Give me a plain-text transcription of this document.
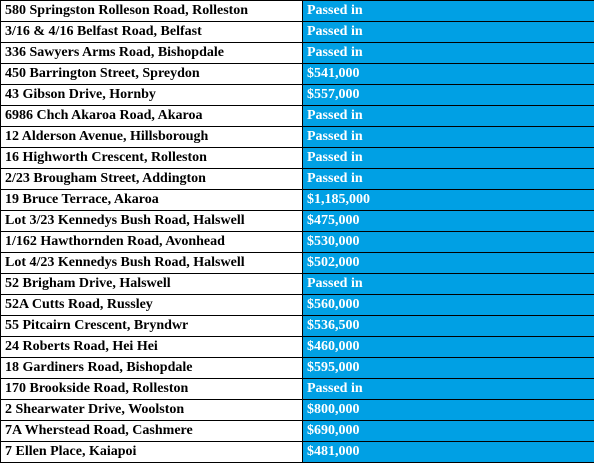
580 Springston Rolleson Road, Rolleston	Passed in
3/16 & 4/16 Belfast Road, Belfast	Passed in
336 Sawyers Arms Road, Bishopdale	Passed in
450 Barrington Street, Spreydon	$541,000
43 Gibson Drive, Hornby	$557,000
6986 Chch Akaroa Road, Akaroa	Passed in
12 Alderson Avenue, Hillsborough	Passed in
16 Highworth Crescent, Rolleston	Passed in
2/23 Brougham Street, Addington	Passed in
19 Bruce Terrace, Akaroa	$1,185,000
Lot 3/23 Kennedys Bush Road, Halswell	$475,000
1/162 Hawthornden Road, Avonhead	$530,000
Lot 4/23 Kennedys Bush Road, Halswell	$502,000
52 Brigham Drive, Halswell	Passed in
52A Cutts Road, Russley	$560,000
55 Pitcairn Crescent, Bryndwr	$536,500
24 Roberts Road, Hei Hei	$460,000
18 Gardiners Road, Bishopdale	$595,000
170 Brookside Road, Rolleston	Passed in
2 Shearwater Drive, Woolston	$800,000
7A Wherstead Road, Cashmere	$690,000
7 Ellen Place, Kaiapoi	$481,000
